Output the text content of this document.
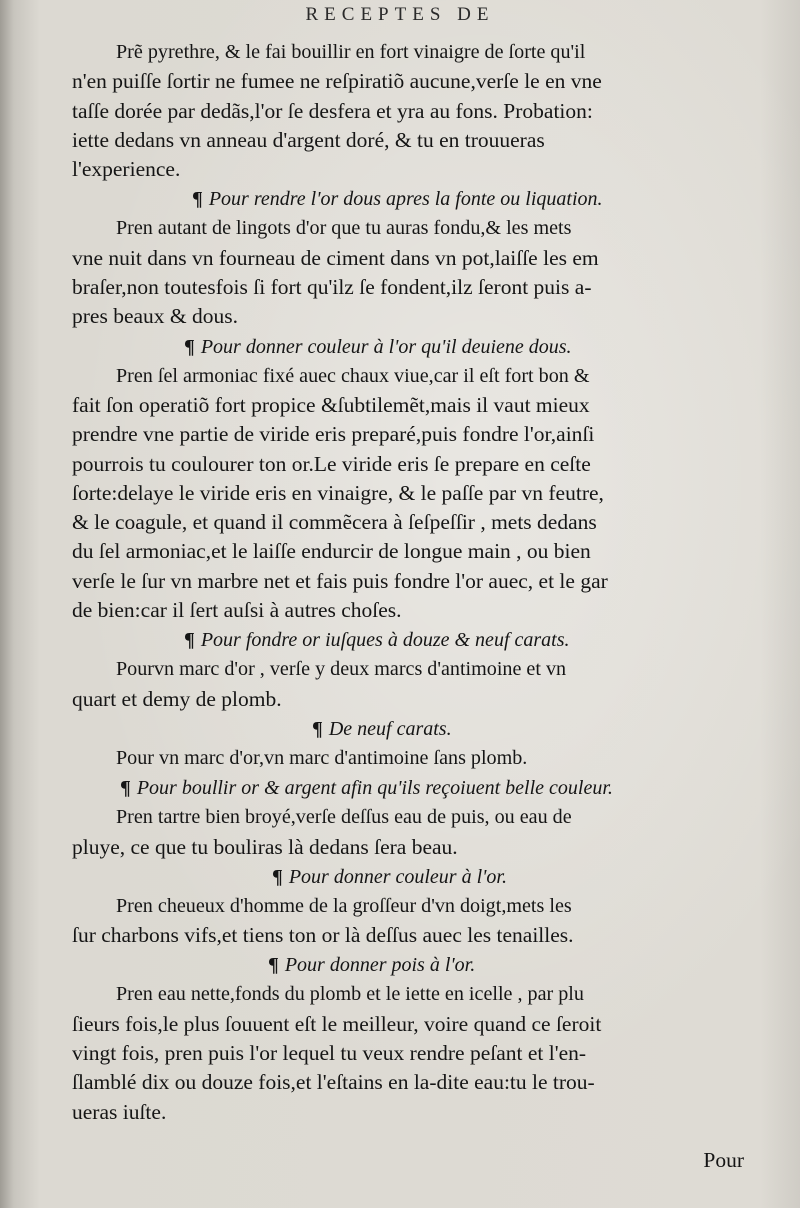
RECEPTES DE

Prẽ pyrethre, & le fai bouillir en fort vinaigre de ſorte qu'il

n'en puiſſe ſortir ne fumee ne reſpiratiõ aucune,verſe le en vne

taſſe dorée par dedãs,l'or ſe desfera et yra au fons. Probation:

iette dedans vn anneau d'argent doré, & tu en trouueras

l'experience.

¶ Pour rendre l'or dous apres la fonte ou liquation.

Pren autant de lingots d'or que tu auras fondu,& les mets

vne nuit dans vn fourneau de ciment dans vn pot,laiſſe les em

braſer,non toutesfois ſi fort qu'ilz ſe fondent,ilz ſeront puis a-

pres beaux & dous.

¶ Pour donner couleur à l'or qu'il deuiene dous.

Pren ſel armoniac fixé auec chaux viue,car il eſt fort bon &

fait ſon operatiõ fort propice &ſubtilemẽt,mais il vaut mieux

prendre vne partie de viride eris preparé,puis fondre l'or,ainſi

pourrois tu coulourer ton or.Le viride eris ſe prepare en ceſte

ſorte:delaye le viride eris en vinaigre, & le paſſe par vn feutre,

& le coagule, et quand il commẽcera à ſeſpeſſir , mets dedans

du ſel armoniac,et le laiſſe endurcir de longue main , ou bien

verſe le ſur vn marbre net et fais puis fondre l'or auec, et le gar

de bien:car il ſert auſsi à autres choſes.

¶ Pour fondre or iuſques à douze & neuf carats.

Pourvn marc d'or , verſe y deux marcs d'antimoine et vn

quart et demy de plomb.

¶ De neuf carats.

Pour vn marc d'or,vn marc d'antimoine ſans plomb.

¶ Pour boullir or & argent afin qu'ils reçoiuent belle couleur.

Pren tartre bien broyé,verſe deſſus eau de puis, ou eau de

pluye, ce que tu bouliras là dedans ſera beau.

¶ Pour donner couleur à l'or.

Pren cheueux d'homme de la groſſeur d'vn doigt,mets les

ſur charbons vifs,et tiens ton or là deſſus auec les tenailles.

¶ Pour donner pois à l'or.

Pren eau nette,fonds du plomb et le iette en icelle , par plu

ſieurs fois,le plus ſouuent eſt le meilleur, voire quand ce ſeroit

vingt fois, pren puis l'or lequel tu veux rendre peſant et l'en-

ſlamblé dix ou douze fois,et l'eſtains en la-dite eau:tu le trou-

ueras iuſte.

Pour
